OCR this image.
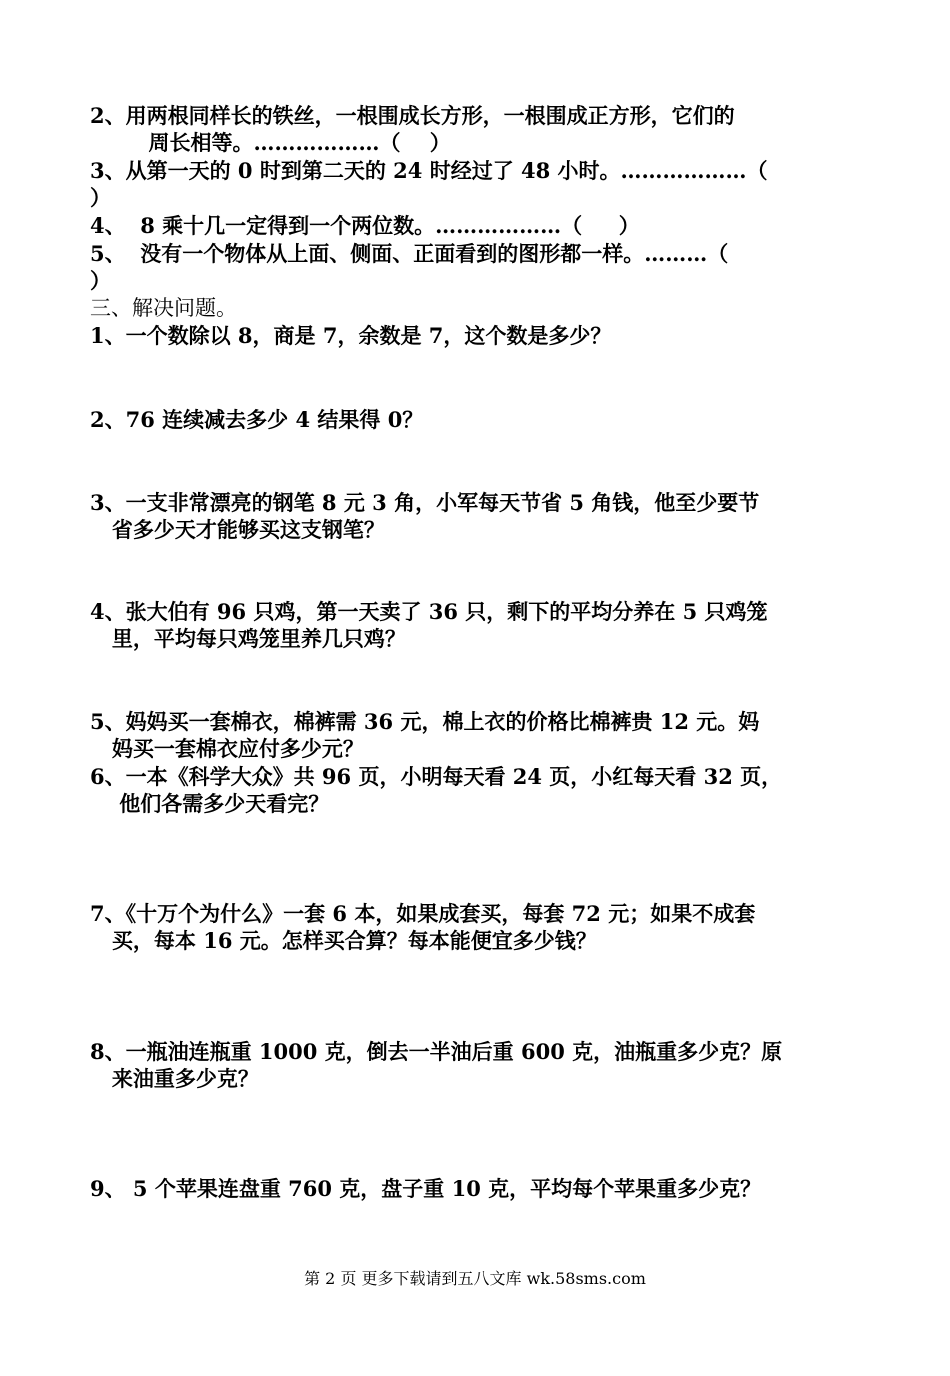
2、用两根同样长的铁丝，一根围成长方形，一根围成正方形，它们的
周长相等。………………（    ）
3、从第一天的 0 时到第二天的 24 时经过了 48 小时。………………（
）
4、  8 乘十几一定得到一个两位数。………………（     ）
5、  没有一个物体从上面、侧面、正面看到的图形都一样。………（
）
三、解决问题。
1、一个数除以 8，商是 7，余数是 7，这个数是多少？
2、76 连续减去多少 4 结果得 0？
3、一支非常漂亮的钢笔 8 元 3 角，小军每天节省 5 角钱，他至少要节
省多少天才能够买这支钢笔？
4、张大伯有 96 只鸡，第一天卖了 36 只，剩下的平均分养在 5 只鸡笼
里，平均每只鸡笼里养几只鸡？
5、妈妈买一套棉衣，棉裤需 36 元，棉上衣的价格比棉裤贵 12 元。妈
妈买一套棉衣应付多少元？
6、一本《科学大众》共 96 页，小明每天看 24 页，小红每天看 32 页，
他们各需多少天看完？
7、《十万个为什么》一套 6 本，如果成套买，每套 72 元；如果不成套
买，每本 16 元。怎样买合算？每本能便宜多少钱？
8、一瓶油连瓶重 1000 克，倒去一半油后重 600 克，油瓶重多少克？原
来油重多少克？
9、 5 个苹果连盘重 760 克，盘子重 10 克，平均每个苹果重多少克？
第 2 页 更多下载请到五八文库 wk.58sms.com
